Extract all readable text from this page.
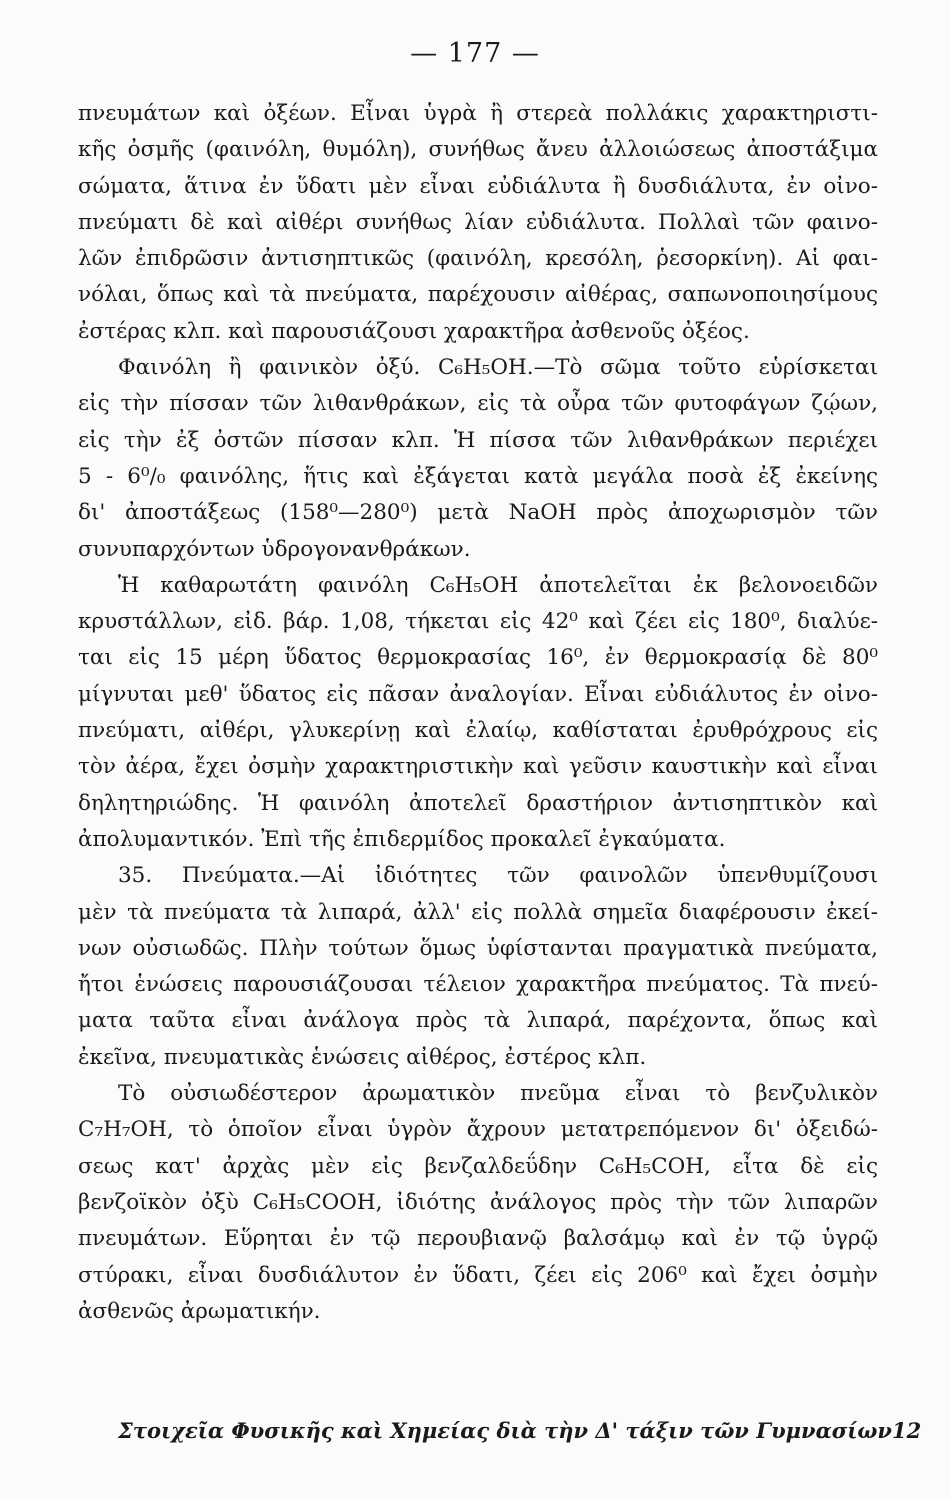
— 177 —
πνευμάτων καὶ ὀξέων. Εἶναι ὑγρὰ ἢ στερεὰ πολλάκις χαρακτηριστι-
κῆς ὀσμῆς (φαινόλη, θυμόλη), συνήθως ἄνευ ἀλλοιώσεως ἀποστάξιμα
σώματα, ἅτινα ἐν ὕδατι μὲν εἶναι εὐδιάλυτα ἢ δυσδιάλυτα, ἐν οἰνο-
πνεύματι δὲ καὶ αἰθέρι συνήθως λίαν εὐδιάλυτα. Πολλαὶ τῶν φαινο-
λῶν ἐπιδρῶσιν ἀντισηπτικῶς (φαινόλη, κρεσόλη, ῥεσορκίνη). Αἱ φαι-
νόλαι, ὅπως καὶ τὰ πνεύματα, παρέχουσιν αἰθέρας, σαπωνοποιησίμους
ἐστέρας κλπ. καὶ παρουσιάζουσι χαρακτῆρα ἀσθενοῦς ὀξέος.
Φαινόλη ἢ φαινικὸν ὀξύ. C₆H₅OH.—Τὸ σῶμα τοῦτο εὑρίσκεται
εἰς τὴν πίσσαν τῶν λιθανθράκων, εἰς τὰ οὖρα τῶν φυτοφάγων ζῴων,
εἰς τὴν ἐξ ὀστῶν πίσσαν κλπ. Ἡ πίσσα τῶν λιθανθράκων περιέχει
5 - 6⁰/₀ φαινόλης, ἥτις καὶ ἐξάγεται κατὰ μεγάλα ποσὰ ἐξ ἐκείνης
δι' ἀποστάξεως (158⁰—280⁰) μετὰ NaOH πρὸς ἀποχωρισμὸν τῶν
συνυπαρχόντων ὑδρογονανθράκων.
Ἡ καθαρωτάτη φαινόλη C₆H₅OH ἀποτελεῖται ἐκ βελονοειδῶν
κρυστάλλων, εἰδ. βάρ. 1,08, τήκεται εἰς 42⁰ καὶ ζέει εἰς 180⁰, διαλύε-
ται εἰς 15 μέρη ὕδατος θερμοκρασίας 16⁰, ἐν θερμοκρασίᾳ δὲ 80⁰
μίγνυται μεθ' ὕδατος εἰς πᾶσαν ἀναλογίαν. Εἶναι εὐδιάλυτος ἐν οἰνο-
πνεύματι, αἰθέρι, γλυκερίνῃ καὶ ἐλαίῳ, καθίσταται ἐρυθρόχρους εἰς
τὸν ἀέρα, ἔχει ὀσμὴν χαρακτηριστικὴν καὶ γεῦσιν καυστικὴν καὶ εἶναι
δηλητηριώδης. Ἡ φαινόλη ἀποτελεῖ δραστήριον ἀντισηπτικὸν καὶ
ἀπολυμαντικόν. Ἐπὶ τῆς ἐπιδερμίδος προκαλεῖ ἐγκαύματα.
35. Πνεύματα.—Αἱ ἰδιότητες τῶν φαινολῶν ὑπενθυμίζουσι
μὲν τὰ πνεύματα τὰ λιπαρά, ἀλλ' εἰς πολλὰ σημεῖα διαφέρουσιν ἐκεί-
νων οὐσιωδῶς. Πλὴν τούτων ὅμως ὑφίστανται πραγματικὰ πνεύματα,
ἤτοι ἑνώσεις παρουσιάζουσαι τέλειον χαρακτῆρα πνεύματος. Τὰ πνεύ-
ματα ταῦτα εἶναι ἀνάλογα πρὸς τὰ λιπαρά, παρέχοντα, ὅπως καὶ
ἐκεῖνα, πνευματικὰς ἑνώσεις αἰθέρος, ἐστέρος κλπ.
Τὸ οὐσιωδέστερον ἀρωματικὸν πνεῦμα εἶναι τὸ βενζυλικὸν
C₇H₇OH, τὸ ὁποῖον εἶναι ὑγρὸν ἄχρουν μετατρεπόμενον δι' ὀξειδώ-
σεως κατ' ἀρχὰς μὲν εἰς βενζαλδεΰδην C₆H₅COH, εἶτα δὲ εἰς
βενζοϊκὸν ὀξὺ C₆H₅COOH, ἰδιότης ἀνάλογος πρὸς τὴν τῶν λιπαρῶν
πνευμάτων. Εὕρηται ἐν τῷ περουβιανῷ βαλσάμῳ καὶ ἐν τῷ ὑγρῷ
στύρακι, εἶναι δυσδιάλυτον ἐν ὕδατι, ζέει εἰς 206⁰ καὶ ἔχει ὀσμὴν
ἀσθενῶς ἀρωματικήν.
Στοιχεῖα Φυσικῆς καὶ Χημείας διὰ τὴν Δ' τάξιν τῶν Γυμνασίων 12
